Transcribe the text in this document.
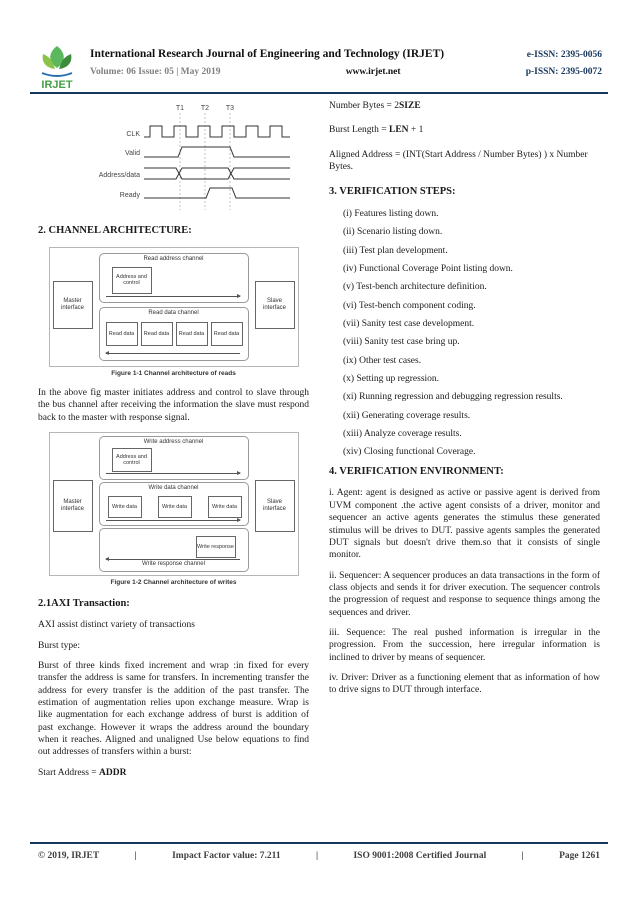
IRJET
International Research Journal of Engineering and Technology (IRJET)	e-ISSN: 2395-0056
Volume: 06 Issue: 05 | May 2019	www.irjet.net	p-ISSN: 2395-0072
T1 T2 T3
CLK
Valid
Address/data
Ready
2. CHANNEL ARCHITECTURE:
Master interface
Slave interface
Read address channel
Address and control
Read data channel
Read data	Read data	Read data	Read data
Figure 1-1 Channel architecture of reads
In the above fig master initiates address and control to slave through the bus channel after receiving the information the slave must respond back to the master with response signal.
Master interface
Slave interface
Write address channel
Address and control
Write data channel
Write data	Write data	Write data
Write response
Write response channel
Figure 1-2 Channel architecture of writes
2.1AXI Transaction:
AXI assist distinct variety of transactions
Burst type:
Burst of three kinds fixed increment and wrap :in fixed for every transfer the address is same for transfers. In incrementing transfer the address for every transfer is the addition of the past transfer. The estimation of augmentation relies upon exchange measure. Wrap is like augmentation for each exchange address of burst is addition of past exchange. However it wraps the address around the boundary when it reaches. Aligned and unaligned Use below equations to find out addresses of transfers within a burst:
Start Address = ADDR
Number Bytes = 2SIZE
Burst Length = LEN + 1
Aligned Address = (INT(Start Address / Number Bytes) ) x Number Bytes.
3. VERIFICATION STEPS:
(i) Features listing down.
(ii) Scenario listing down.
(iii) Test plan development.
(iv) Functional Coverage Point listing down.
(v) Test-bench architecture definition.
(vi) Test-bench component coding.
(vii) Sanity test case development.
(viii) Sanity test case bring up.
(ix) Other test cases.
(x) Setting up regression.
(xi) Running regression and debugging regression results.
(xii) Generating coverage results.
(xiii) Analyze coverage results.
(xiv) Closing functional Coverage.
4. VERIFICATION ENVIRONMENT:
i. Agent: agent is designed as active or passive agent is derived from UVM component .the active agent consists of a driver, monitor and sequencer an active agents generates the stimulus these generated stimulus will be drives to DUT. passive agents samples the generated DUT signals but doesn't drive them.so that it consists of single monitor.
ii. Sequencer: A sequencer produces an data transactions in the form of class objects and sends it for driver execution. The sequencer controls the progression of request and response to sequence things among the sequences and driver.
iii. Sequence: The real pushed information is irregular in the progression. From the succession, here irregular information is inclined to driver by means of sequencer.
iv. Driver: Driver as a functioning element that as information of how to drive signs to DUT through interface.
© 2019, IRJET	|	Impact Factor value: 7.211	|	ISO 9001:2008 Certified Journal	|	Page 1261
